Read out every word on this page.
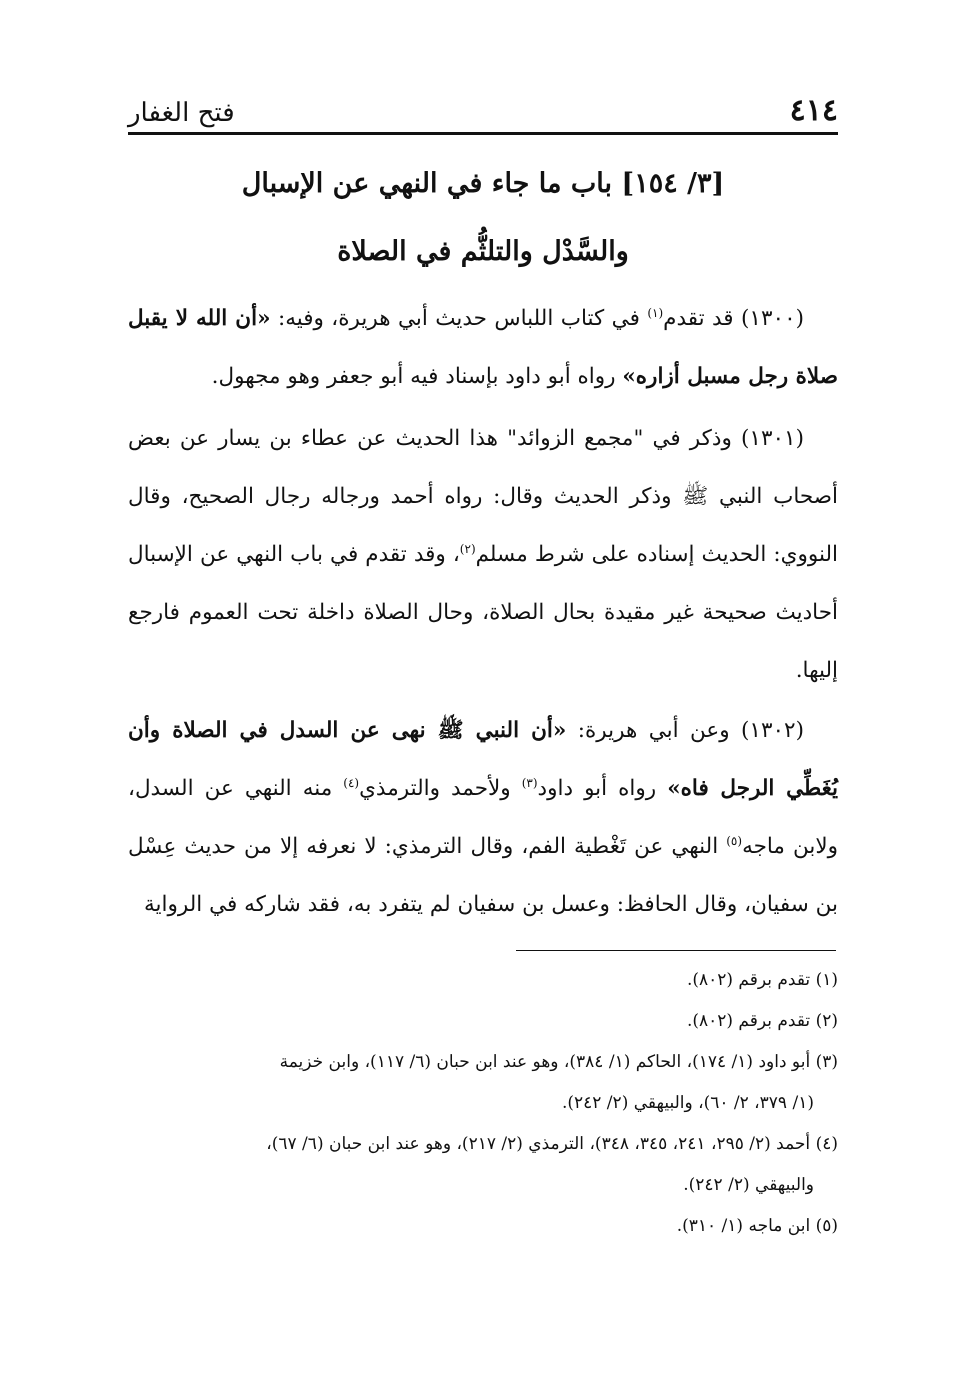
٤١٤
فتح الغفار
[٣/ ١٥٤] باب ما جاء في النهي عن الإسبال
والسَّدْل والتلثُّم في الصلاة

(١٣٠٠) قد تقدم$^{(١)}$ في كتاب اللباس حديث أبي هريرة، وفيه: «أن الله لا يقبل صلاة رجل مسبل أزاره» رواه أبو داود بإسناد فيه أبو جعفر وهو مجهول.

(١٣٠١) وذكر في "مجمع الزوائد" هذا الحديث عن عطاء بن يسار عن بعض أصحاب النبي ﷺ وذكر الحديث وقال: رواه أحمد ورجاله رجال الصحيح، وقال النووي: الحديث إسناده على شرط مسلم$^{(٢)}$، وقد تقدم في باب النهي عن الإسبال أحاديث صحيحة غير مقيدة بحال الصلاة، وحال الصلاة داخلة تحت العموم فارجع إليها.

(١٣٠٢) وعن أبي هريرة: «أن النبي ﷺ نهى عن السدل في الصلاة وأن يُغَطِّي الرجل فاه» رواه أبو داود$^{(٣)}$ ولأحمد والترمذي$^{(٤)}$ منه النهي عن السدل، ولابن ماجه$^{(٥)}$ النهي عن تَغْطية الفم، وقال الترمذي: لا نعرفه إلا من حديث عِسْل بن سفيان، وقال الحافظ: وعسل بن سفيان لم يتفرد به، فقد شاركه في الرواية

(١) تقدم برقم (٨٠٢).

(٢) تقدم برقم (٨٠٢).

(٣) أبو داود (١/ ١٧٤)، الحاكم (١/ ٣٨٤)، وهو عند ابن حبان (٦/ ١١٧)، وابن خزيمة

(١/ ٣٧٩، ٢/ ٦٠)، والبيهقي (٢/ ٢٤٢).

(٤) أحمد (٢/ ٢٩٥، ٢٤١، ٣٤٥، ٣٤٨)، الترمذي (٢/ ٢١٧)، وهو عند ابن حبان (٦/ ٦٧)،

والبيهقي (٢/ ٢٤٢).

(٥) ابن ماجه (١/ ٣١٠).
